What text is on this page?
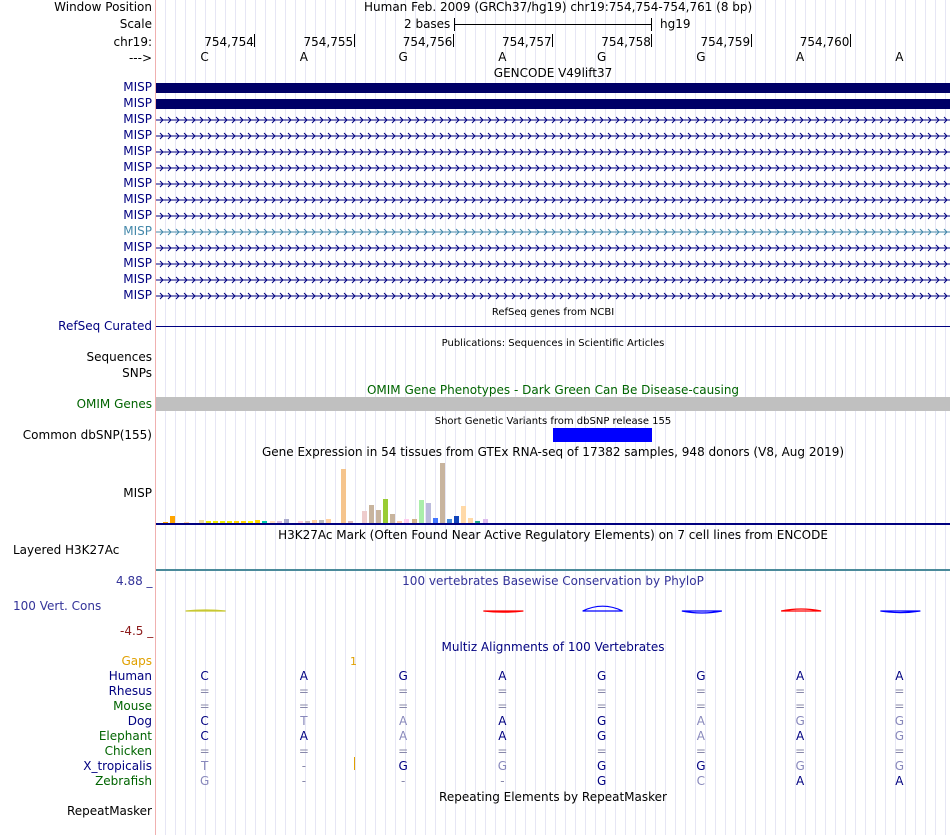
Window Position	Human Feb. 2009 (GRCh37/hg19) chr19:754,754-754,761 (8 bp)
Scale	2 bases	hg19
chr19:	754,754	754,755	754,756	754,757	754,758	754,759	754,760
--->	C	A	G	A	G	G	A	A
GENCODE V49lift37
MISP
MISP
MISP
MISP
MISP
MISP
MISP
MISP
MISP
MISP
MISP
MISP
MISP
MISP
RefSeq genes from NCBI
RefSeq Curated
Publications: Sequences in Scientific Articles
Sequences
SNPs
OMIM Gene Phenotypes - Dark Green Can Be Disease-causing
OMIM Genes
Short Genetic Variants from dbSNP release 155
Common dbSNP(155)
Gene Expression in 54 tissues from GTEx RNA-seq of 17382 samples, 948 donors (V8, Aug 2019)
MISP
H3K27Ac Mark (Often Found Near Active Regulatory Elements) on 7 cell lines from ENCODE
Layered H3K27Ac
100 vertebrates Basewise Conservation by PhyloP
4.88 _
100 Vert. Cons
-4.5 _
Multiz Alignments of 100 Vertebrates
Gaps	1
Human	C	A	G	A	G	G	A	A
Rhesus	=	=	=	=	=	=	=	=
Mouse	=	=	=	=	=	=	=	=
Dog	C	T	A	A	G	A	G	G
Elephant	C	A	A	A	G	A	A	G
Chicken	=	=	=	=	=	=	=	=
X_tropicalis	T	-	G	G	G	G	G	G
Zebrafish	G	-	-	-	G	C	A	A
Repeating Elements by RepeatMasker
RepeatMasker
